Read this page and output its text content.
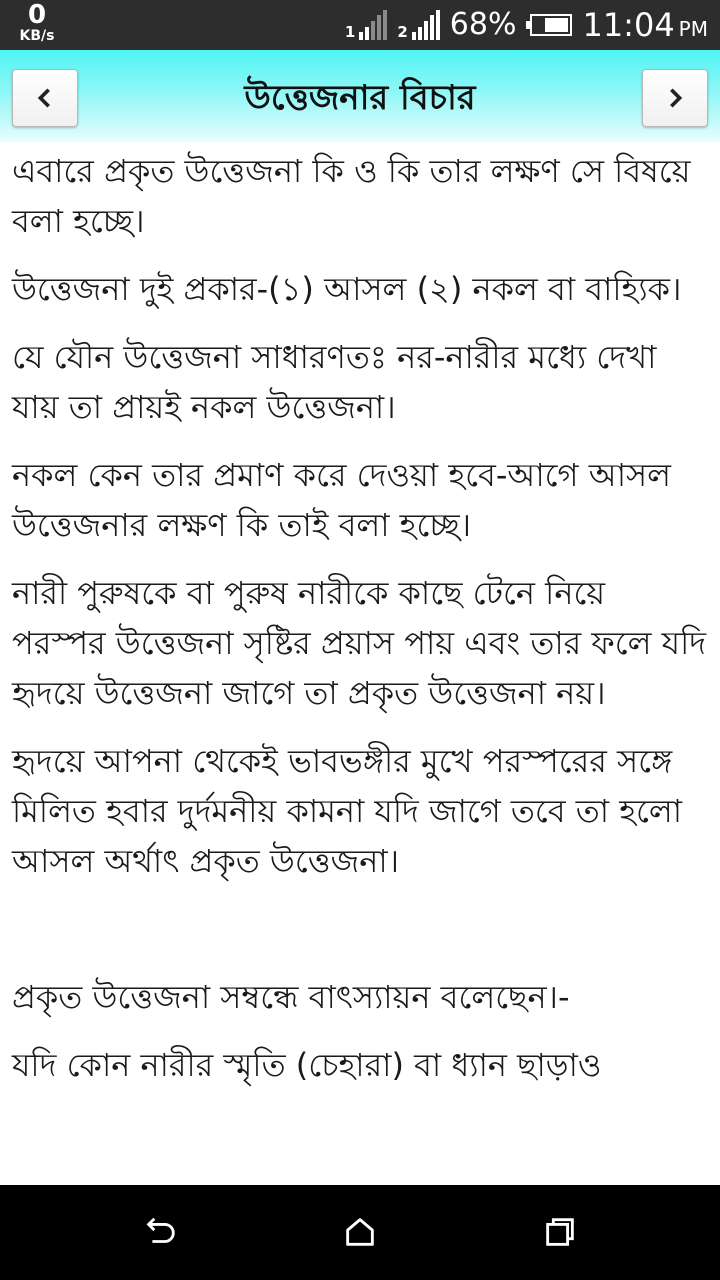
0
KB/s	1	2 68% 11:04 PM
উত্তেজনার বিচার

এবারে প্রকৃত উত্তেজনা কি ও কি তার লক্ষণ সে বিষয়ে বলা হচ্ছে।

উত্তেজনা দুই প্রকার-(১) আসল (২) নকল বা বাহ্যিক।

যে যৌন উত্তেজনা সাধারণতঃ নর-নারীর মধ্যে দেখা যায় তা প্রায়ই নকল উত্তেজনা।

নকল কেন তার প্রমাণ করে দেওয়া হবে-আগে আসল উত্তেজনার লক্ষণ কি তাই বলা হচ্ছে।

নারী পুরুষকে বা পুরুষ নারীকে কাছে টেনে নিয়ে পরস্পর উত্তেজনা সৃষ্টির প্রয়াস পায় এবং তার ফলে যদি হৃদয়ে উত্তেজনা জাগে তা প্রকৃত উত্তেজনা নয়।

হৃদয়ে আপনা থেকেই ভাবভঙ্গীর মুখে পরস্পরের সঙ্গে মিলিত হবার দুর্দমনীয় কামনা যদি জাগে তবে তা হলো আসল অর্থাৎ প্রকৃত উত্তেজনা।

প্রকৃত উত্তেজনা সম্বন্ধে বাৎস্যায়ন বলেছেন।-

যদি কোন নারীর স্মৃতি (চেহারা) বা ধ্যান ছাড়াও
